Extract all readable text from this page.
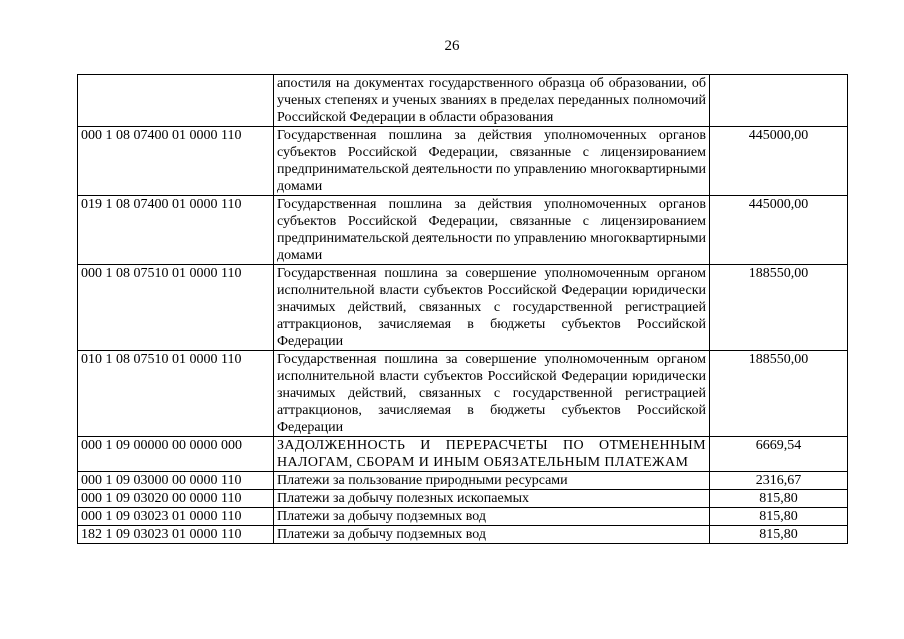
26
	апостиля на документах государственного образца об образовании, об ученых степенях и ученых званиях в пределах переданных полномочий Российской Федерации в области образования	
000 1 08 07400 01 0000 110	Государственная пошлина за действия уполномоченных органов субъектов Российской Федерации, связанные с лицензированием предпринимательской деятельности по управлению многоквартирными домами	445000,00
019 1 08 07400 01 0000 110	Государственная пошлина за действия уполномоченных органов субъектов Российской Федерации, связанные с лицензированием предпринимательской деятельности по управлению многоквартирными домами	445000,00
000 1 08 07510 01 0000 110	Государственная пошлина за совершение уполномоченным органом исполнительной власти субъектов Российской Федерации юридически значимых действий, связанных с государственной регистрацией аттракционов, зачисляемая в бюджеты субъектов Российской Федерации	188550,00
010 1 08 07510 01 0000 110	Государственная пошлина за совершение уполномоченным органом исполнительной власти субъектов Российской Федерации юридически значимых действий, связанных с государственной регистрацией аттракционов, зачисляемая в бюджеты субъектов Российской Федерации	188550,00
000 1 09 00000 00 0000 000	ЗАДОЛЖЕННОСТЬ И ПЕРЕРАСЧЕТЫ ПО ОТМЕНЕННЫМ НАЛОГАМ, СБОРАМ И ИНЫМ ОБЯЗАТЕЛЬНЫМ ПЛАТЕЖАМ	6669,54
000 1 09 03000 00 0000 110	Платежи за пользование природными ресурсами	2316,67
000 1 09 03020 00 0000 110	Платежи за добычу полезных ископаемых	815,80
000 1 09 03023 01 0000 110	Платежи за добычу подземных вод	815,80
182 1 09 03023 01 0000 110	Платежи за добычу подземных вод	815,80
